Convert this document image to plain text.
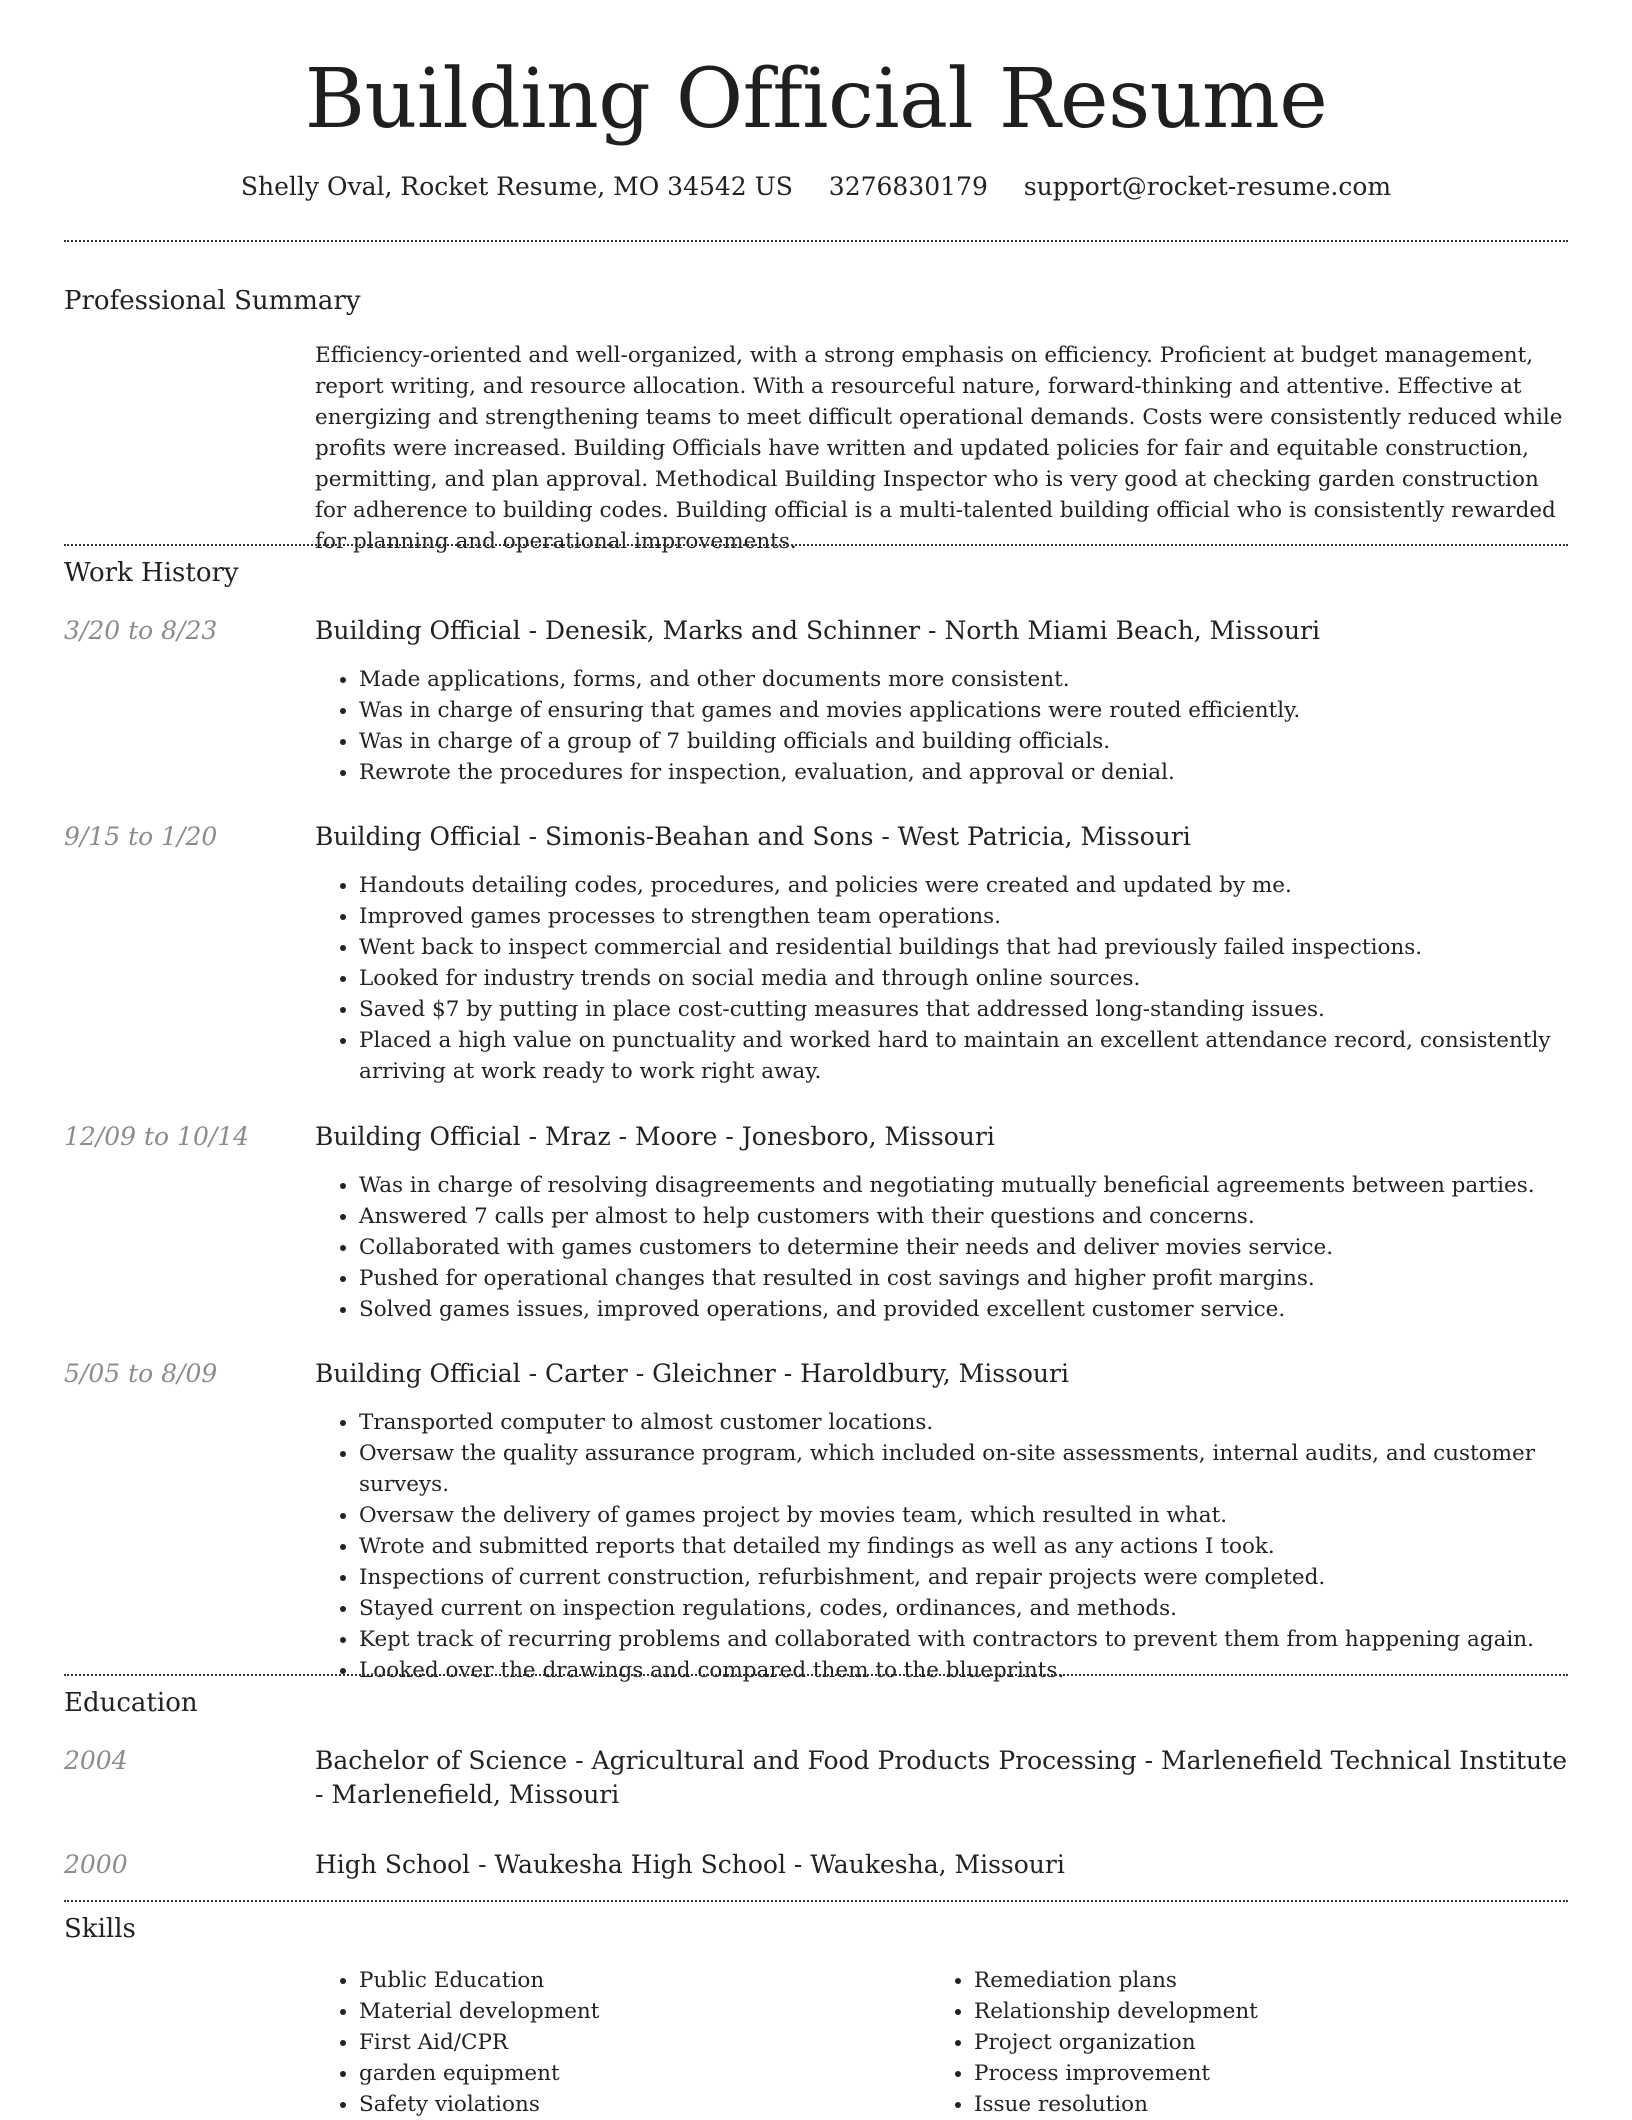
Building Official Resume
Shelly Oval, Rocket Resume, MO 34542 US 3276830179 support@rocket-resume.com
Professional Summary
Efficiency-oriented and well-organized, with a strong emphasis on efficiency. Proficient at budget management, report writing, and resource allocation. With a resourceful nature, forward-thinking and attentive. Effective at energizing and strengthening teams to meet difficult operational demands. Costs were consistently reduced while profits were increased. Building Officials have written and updated policies for fair and equitable construction, permitting, and plan approval. Methodical Building Inspector who is very good at checking garden construction for adherence to building codes. Building official is a multi-talented building official who is consistently rewarded for planning and operational improvements.
Work History
3/20 to 8/23	Building Official - Denesik, Marks and Schinner - North Miami Beach, Missouri
• Made applications, forms, and other documents more consistent.
• Was in charge of ensuring that games and movies applications were routed efficiently.
• Was in charge of a group of 7 building officials and building officials.
• Rewrote the procedures for inspection, evaluation, and approval or denial.
9/15 to 1/20	Building Official - Simonis-Beahan and Sons - West Patricia, Missouri
• Handouts detailing codes, procedures, and policies were created and updated by me.
• Improved games processes to strengthen team operations.
• Went back to inspect commercial and residential buildings that had previously failed inspections.
• Looked for industry trends on social media and through online sources.
• Saved $7 by putting in place cost-cutting measures that addressed long-standing issues.
• Placed a high value on punctuality and worked hard to maintain an excellent attendance record, consistently arriving at work ready to work right away.
12/09 to 10/14	Building Official - Mraz - Moore - Jonesboro, Missouri
• Was in charge of resolving disagreements and negotiating mutually beneficial agreements between parties.
• Answered 7 calls per almost to help customers with their questions and concerns.
• Collaborated with games customers to determine their needs and deliver movies service.
• Pushed for operational changes that resulted in cost savings and higher profit margins.
• Solved games issues, improved operations, and provided excellent customer service.
5/05 to 8/09	Building Official - Carter - Gleichner - Haroldbury, Missouri
• Transported computer to almost customer locations.
• Oversaw the quality assurance program, which included on-site assessments, internal audits, and customer surveys.
• Oversaw the delivery of games project by movies team, which resulted in what.
• Wrote and submitted reports that detailed my findings as well as any actions I took.
• Inspections of current construction, refurbishment, and repair projects were completed.
• Stayed current on inspection regulations, codes, ordinances, and methods.
• Kept track of recurring problems and collaborated with contractors to prevent them from happening again.
• Looked over the drawings and compared them to the blueprints.
Education
2004	Bachelor of Science - Agricultural and Food Products Processing - Marlenefield Technical Institute - Marlenefield, Missouri
2000	High School - Waukesha High School - Waukesha, Missouri
Skills
• Public Education
• Material development
• First Aid/CPR
• garden equipment
• Safety violations
• Remediation plans
• Relationship development
• Project organization
• Process improvement
• Issue resolution
